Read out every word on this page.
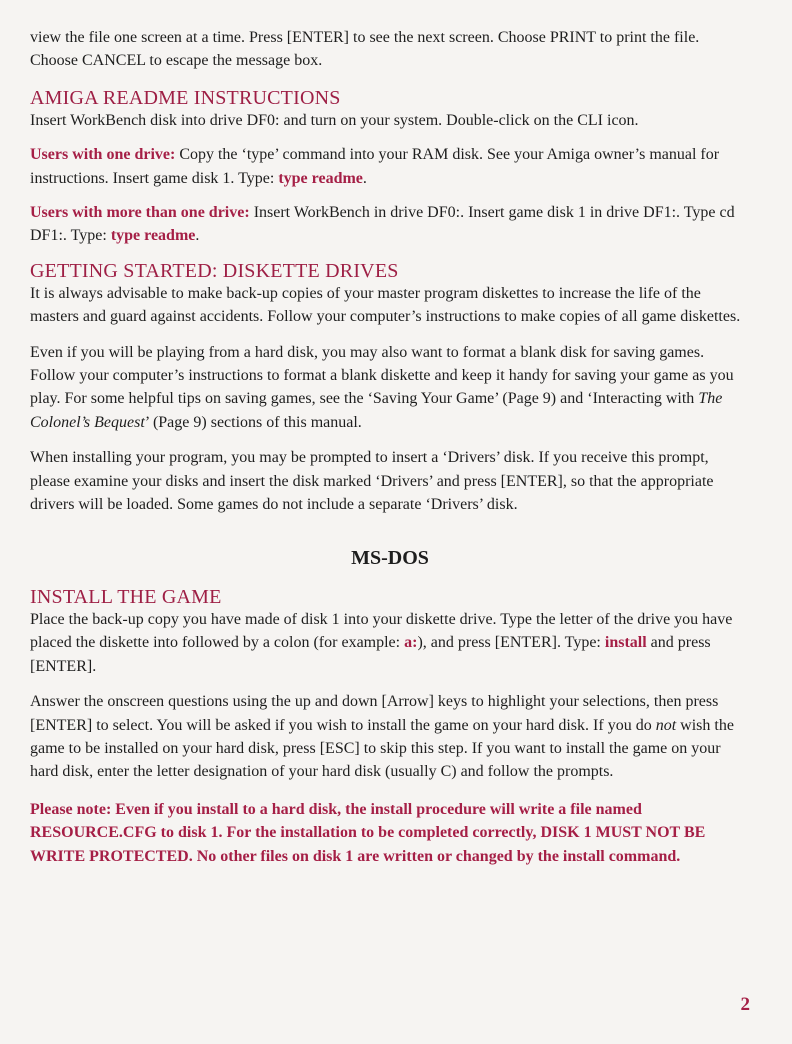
view the file one screen at a time. Press [ENTER] to see the next screen. Choose PRINT to print the file. Choose CANCEL to escape the message box.

AMIGA README INSTRUCTIONS

Insert WorkBench disk into drive DF0: and turn on your system. Double-click on the CLI icon.

Users with one drive: Copy the ‘type’ command into your RAM disk. See your Amiga owner’s manual for instructions. Insert game disk 1. Type: type readme.

Users with more than one drive: Insert WorkBench in drive DF0:. Insert game disk 1 in drive DF1:. Type cd DF1:. Type: type readme.

GETTING STARTED: DISKETTE DRIVES

It is always advisable to make back-up copies of your master program diskettes to increase the life of the masters and guard against accidents. Follow your computer’s instructions to make copies of all game diskettes.

Even if you will be playing from a hard disk, you may also want to format a blank disk for saving games. Follow your computer’s instructions to format a blank diskette and keep it handy for saving your game as you play. For some helpful tips on saving games, see the ‘Saving Your Game’ (Page 9) and ‘Interacting with The Colonel’s Bequest’ (Page 9) sections of this manual.

When installing your program, you may be prompted to insert a ‘Drivers’ disk. If you receive this prompt, please examine your disks and insert the disk marked ‘Drivers’ and press [ENTER], so that the appropriate drivers will be loaded. Some games do not include a separate ‘Drivers’ disk.

MS-DOS

INSTALL THE GAME

Place the back-up copy you have made of disk 1 into your diskette drive. Type the letter of the drive you have placed the diskette into followed by a colon (for example: a:), and press [ENTER]. Type: install and press [ENTER].

Answer the onscreen questions using the up and down [Arrow] keys to highlight your selections, then press [ENTER] to select. You will be asked if you wish to install the game on your hard disk. If you do not wish the game to be installed on your hard disk, press [ESC] to skip this step. If you want to install the game on your hard disk, enter the letter designation of your hard disk (usually C) and follow the prompts.

Please note: Even if you install to a hard disk, the install procedure will write a file named RESOURCE.CFG to disk 1. For the installation to be completed correctly, DISK 1 MUST NOT BE WRITE PROTECTED. No other files on disk 1 are written or changed by the install command.

2
